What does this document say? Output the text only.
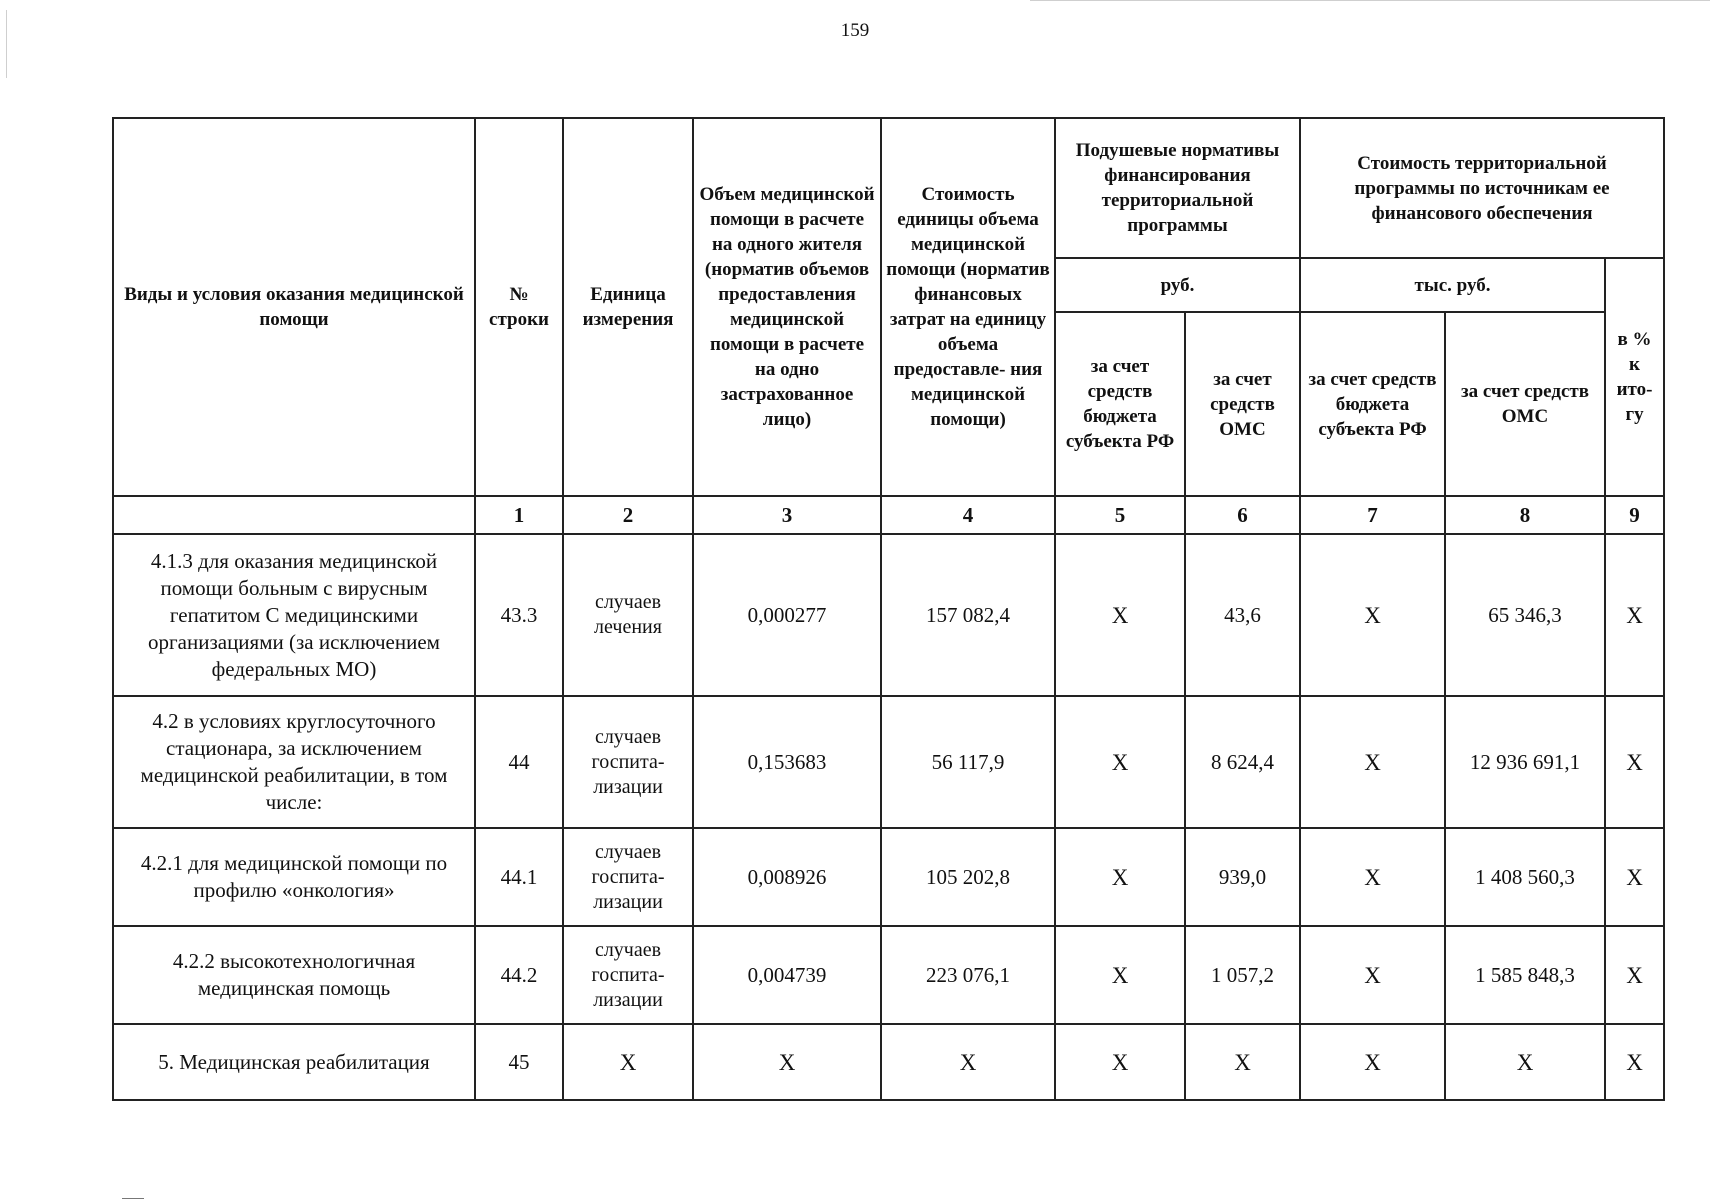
159
Виды и условия оказания медицинской помощи	№ строки	Единица измерения	Объем медицинской помощи в расчете на одного жителя (норматив объемов предоставления медицинской помощи в расчете на одно застрахованное лицо)	Стоимость единицы объема медицинской помощи (норматив финансовых затрат на единицу объема предоставле- ния медицинской помощи)	Подушевые нормативы финансирования территориальной программы		Стоимость территориальной программы по источникам ее финансового обеспечения		
					руб.		тыс. руб.		в % к ито- гу
					за счет средств бюджета субъекта РФ	за счет средств ОМС	за счет средств бюджета субъекта РФ	за счет средств ОМС	
	1	2	3	4	5	6	7	8	9
4.1.3 для оказания медицинской помощи больным с вирусным гепатитом С медицинскими организациями (за исключением федеральных МО)	43.3	случаев лечения	0,000277	157 082,4	Х	43,6	Х	65 346,3	Х
4.2 в условиях круглосуточного стационара, за исключением медицинской реабилитации, в том числе:	44	случаев госпита- лизации	0,153683	56 117,9	Х	8 624,4	Х	12 936 691,1	Х
4.2.1 для медицинской помощи по профилю «онкология»	44.1	случаев госпита- лизации	0,008926	105 202,8	Х	939,0	Х	1 408 560,3	Х
4.2.2 высокотехнологичная медицинская помощь	44.2	случаев госпита- лизации	0,004739	223 076,1	Х	1 057,2	Х	1 585 848,3	Х
5. Медицинская реабилитация	45	Х	Х	Х	Х	Х	Х	Х	Х
